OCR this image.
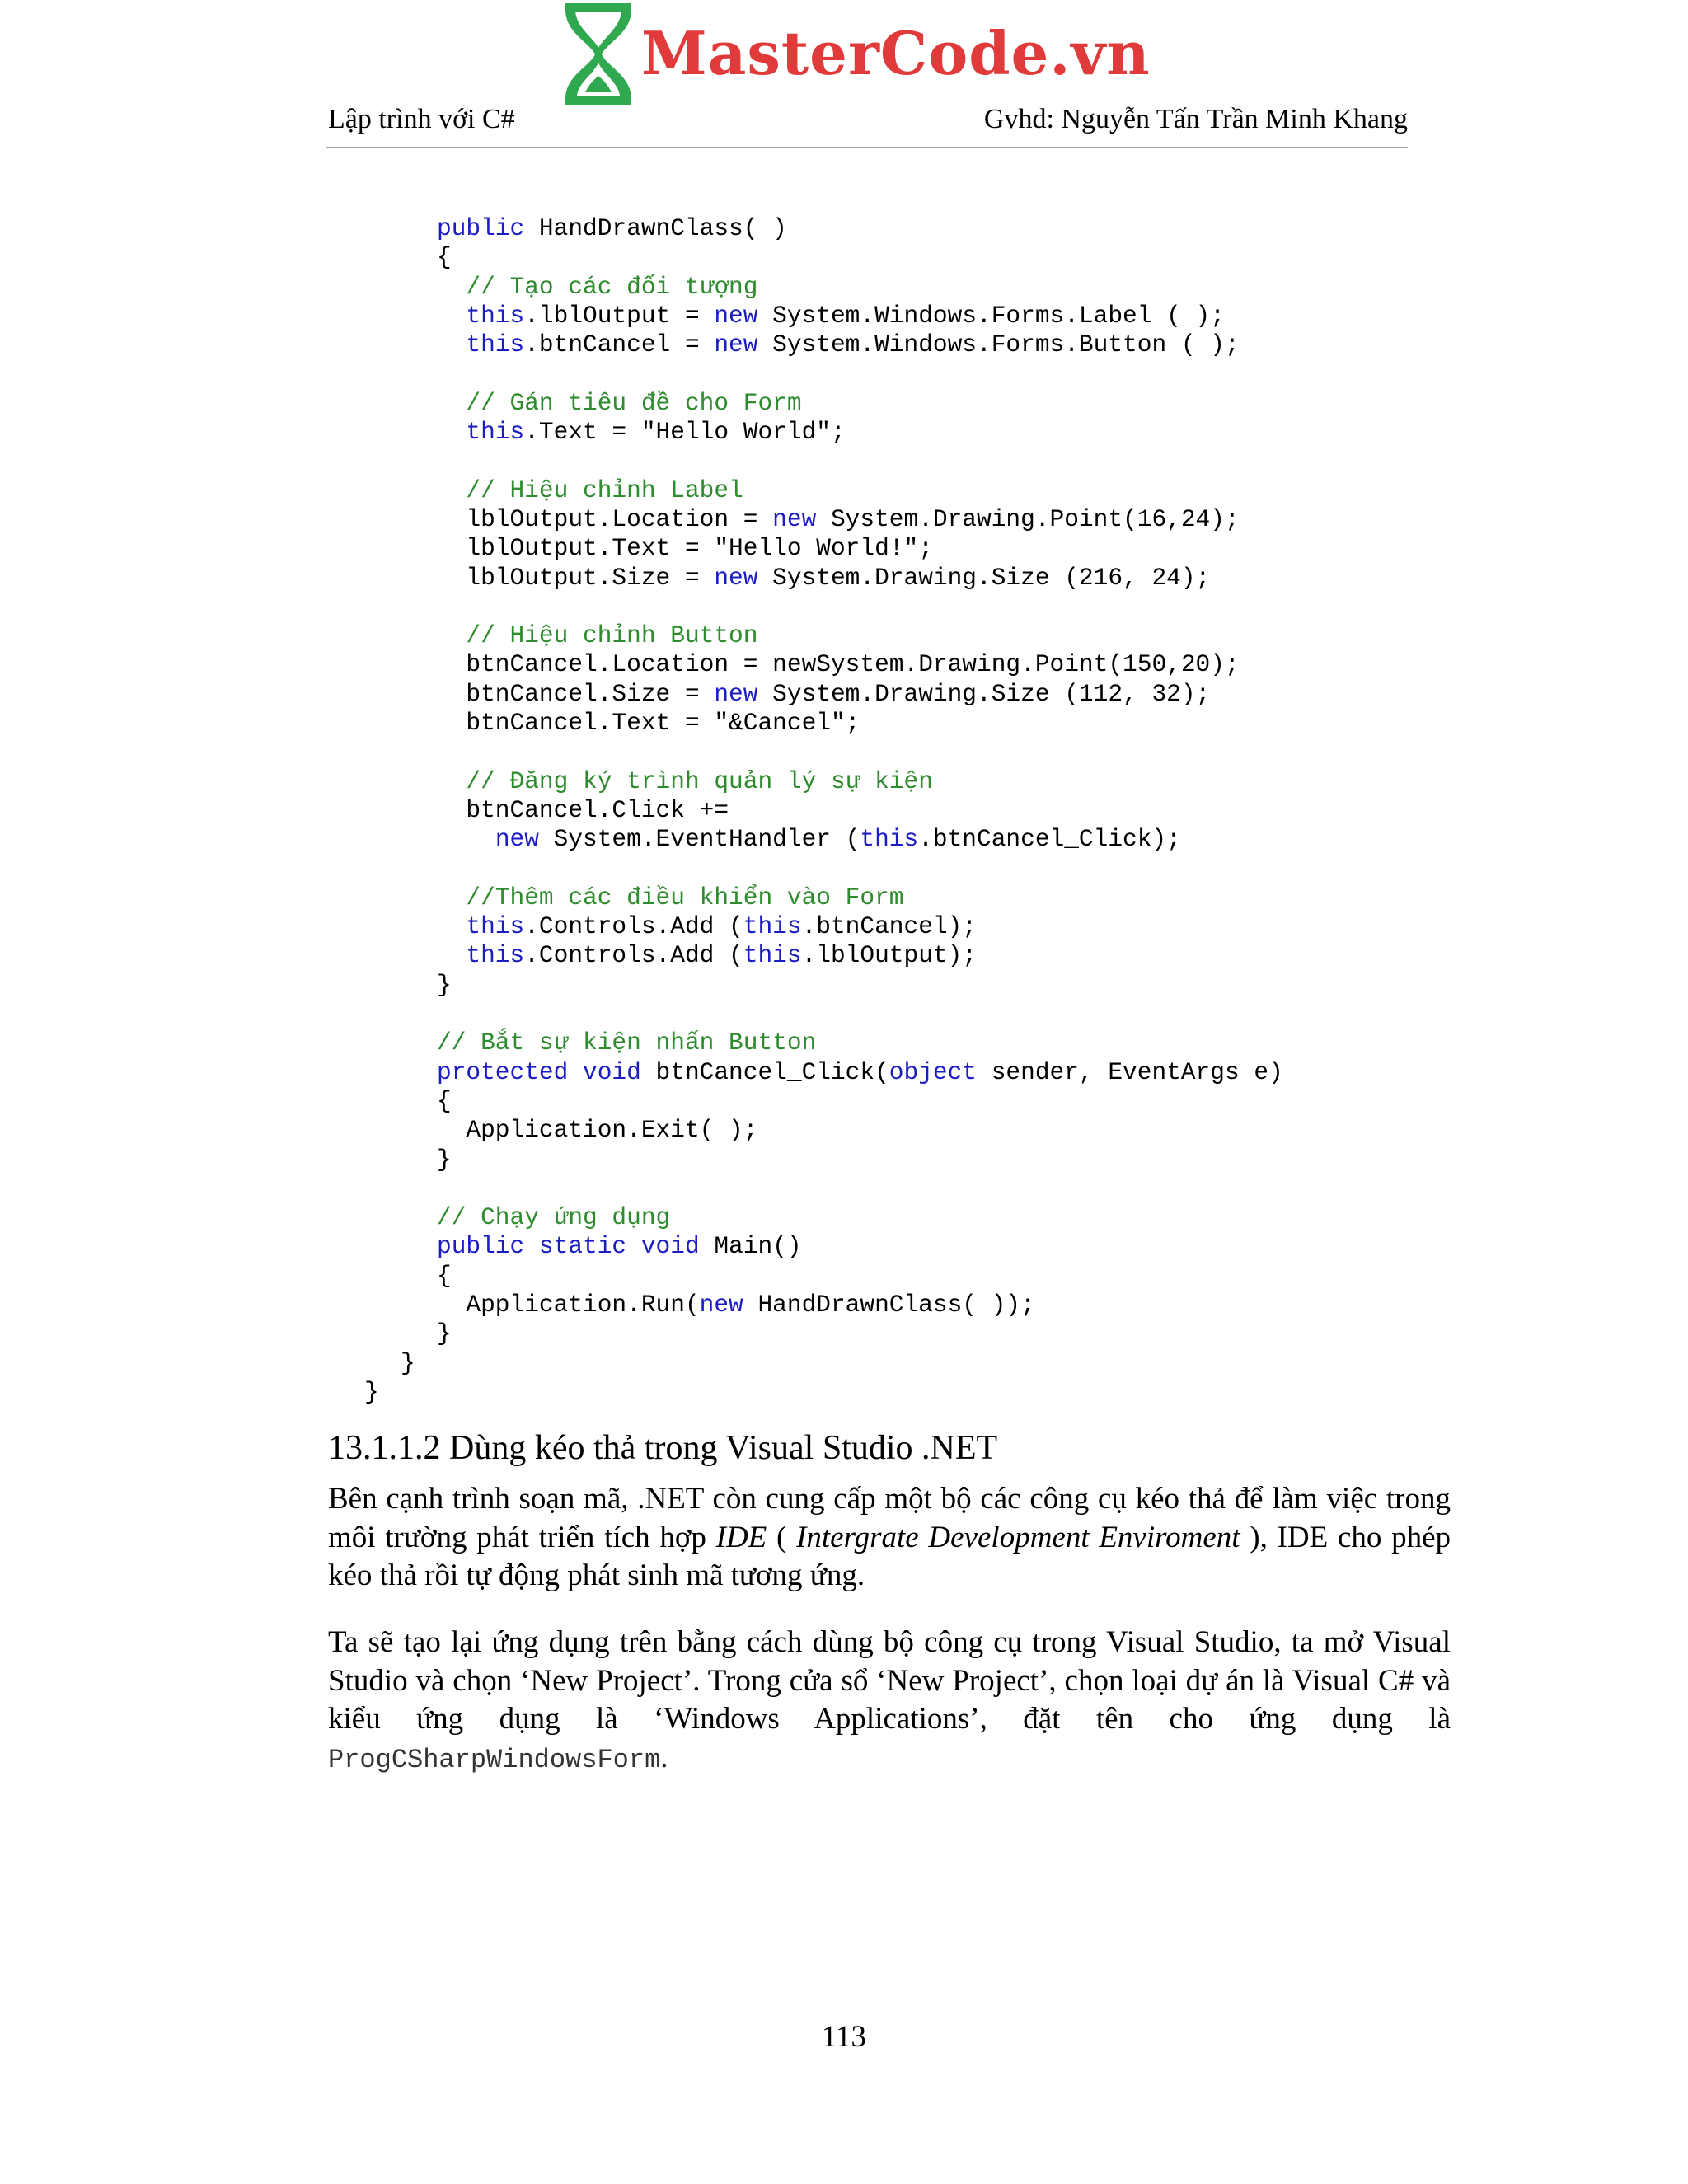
MasterCode.vn
Lập trình với C#	Gvhd: Nguyễn Tấn Trần Minh Khang
public HandDrawnClass( )
{
// Tạo các đối tượng
this.lblOutput = new System.Windows.Forms.Label ( );
this.btnCancel = new System.Windows.Forms.Button ( );
// Gán tiêu đề cho Form
this.Text = "Hello World";
// Hiệu chỉnh Label
lblOutput.Location = new System.Drawing.Point(16,24);
lblOutput.Text = "Hello World!";
lblOutput.Size = new System.Drawing.Size (216, 24);
// Hiệu chỉnh Button
btnCancel.Location = newSystem.Drawing.Point(150,20);
btnCancel.Size = new System.Drawing.Size (112, 32);
btnCancel.Text = "&Cancel";
// Đăng ký trình quản lý sự kiện
btnCancel.Click +=
new System.EventHandler (this.btnCancel_Click);
//Thêm các điều khiển vào Form
this.Controls.Add (this.btnCancel);
this.Controls.Add (this.lblOutput);
}
// Bắt sự kiện nhấn Button
protected void btnCancel_Click(object sender, EventArgs e)
{
Application.Exit( );
}
// Chạy ứng dụng
public static void Main()
{
Application.Run(new HandDrawnClass( ));
}
}
}
13.1.1.2 Dùng kéo thả trong Visual Studio .NET
Bên cạnh trình soạn mã, .NET còn cung cấp một bộ các công cụ kéo thả để làm việc trong môi trường phát triển tích hợp IDE ( Intergrate Development Enviroment ), IDE cho phép kéo thả rồi tự động phát sinh mã tương ứng.
Ta sẽ tạo lại ứng dụng trên bằng cách dùng bộ công cụ trong Visual Studio, ta mở Visual Studio và chọn ‘New Project’. Trong cửa sổ ‘New Project’, chọn loại dự án là Visual C# và kiểu ứng dụng là ‘Windows Applications’, đặt tên cho ứng dụng là ProgCSharpWindowsForm.
113
